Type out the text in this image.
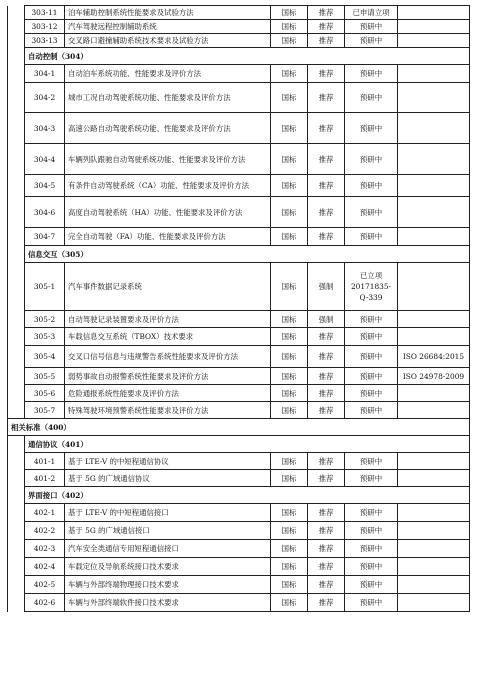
	303-11	泊车辅助控制系统性能要求及试验方法	国标	推荐	已申请立项	
	303-12	汽车驾驶远程控制辅助系统	国标	推荐	预研中	
	303-13	交叉路口避撞辅助系统技术要求及试验方法	国标	推荐	预研中	
	自动控制（304）					
	304-1	自动泊车系统功能、性能要求及评价方法	国标	推荐	预研中	
	304-2	城市工况自动驾驶系统功能、性能要求及评价方法	国标	推荐	预研中	
	304-3	高速公路自动驾驶系统功能、性能要求及评价方法	国标	推荐	预研中	
	304-4	车辆列队跟驰自动驾驶系统功能、性能要求及评价方法	国标	推荐	预研中	
	304-5	有条件自动驾驶系统（CA）功能、性能要求及评价方法	国标	推荐	预研中	
	304-6	高度自动驾驶系统（HA）功能、性能要求及评价方法	国标	推荐	预研中	
	304-7	完全自动驾驶（FA）功能、性能要求及评价方法	国标	推荐	预研中	
	信息交互（305）					
	305-1	汽车事件数据记录系统	国标	强制	已立项 20171835-Q-339	
	305-2	自动驾驶记录装置要求及评价方法	国标	强制	预研中	
	305-3	车载信息交互系统（TBOX）技术要求	国标	推荐	预研中	
	305-4	交叉口信号信息与违规警告系统性能要求及评价方法	国标	推荐	预研中	ISO 26684:2015
	305-5	弱势事故自动报警系统性能要求及评价方法	国标	推荐	预研中	ISO 24978-2009
	305-6	危险通报系统性能要求及评价方法	国标	推荐	预研中	
	305-7	特殊驾驶环境预警系统性能要求及评价方法	国标	推荐	预研中	
相关标准（400）						
	通信协议（401）					
	401-1	基于 LTE-V 的中短程通信协议	国标	推荐	预研中	
	401-2	基于 5G 的广域通信协议	国标	推荐	预研中	
	界面接口（402）					
	402-1	基于 LTE-V 的中短程通信接口	国标	推荐	预研中	
	402-2	基于 5G 的广域通信接口	国标	推荐	预研中	
	402-3	汽车安全类通信专用短程通信接口	国标	推荐	预研中	
	402-4	车载定位及导航系统接口技术要求	国标	推荐	预研中	
	402-5	车辆与外部终端物理接口技术要求	国标	推荐	预研中	
	402-6	车辆与外部终端软件接口技术要求	国标	推荐	预研中	
